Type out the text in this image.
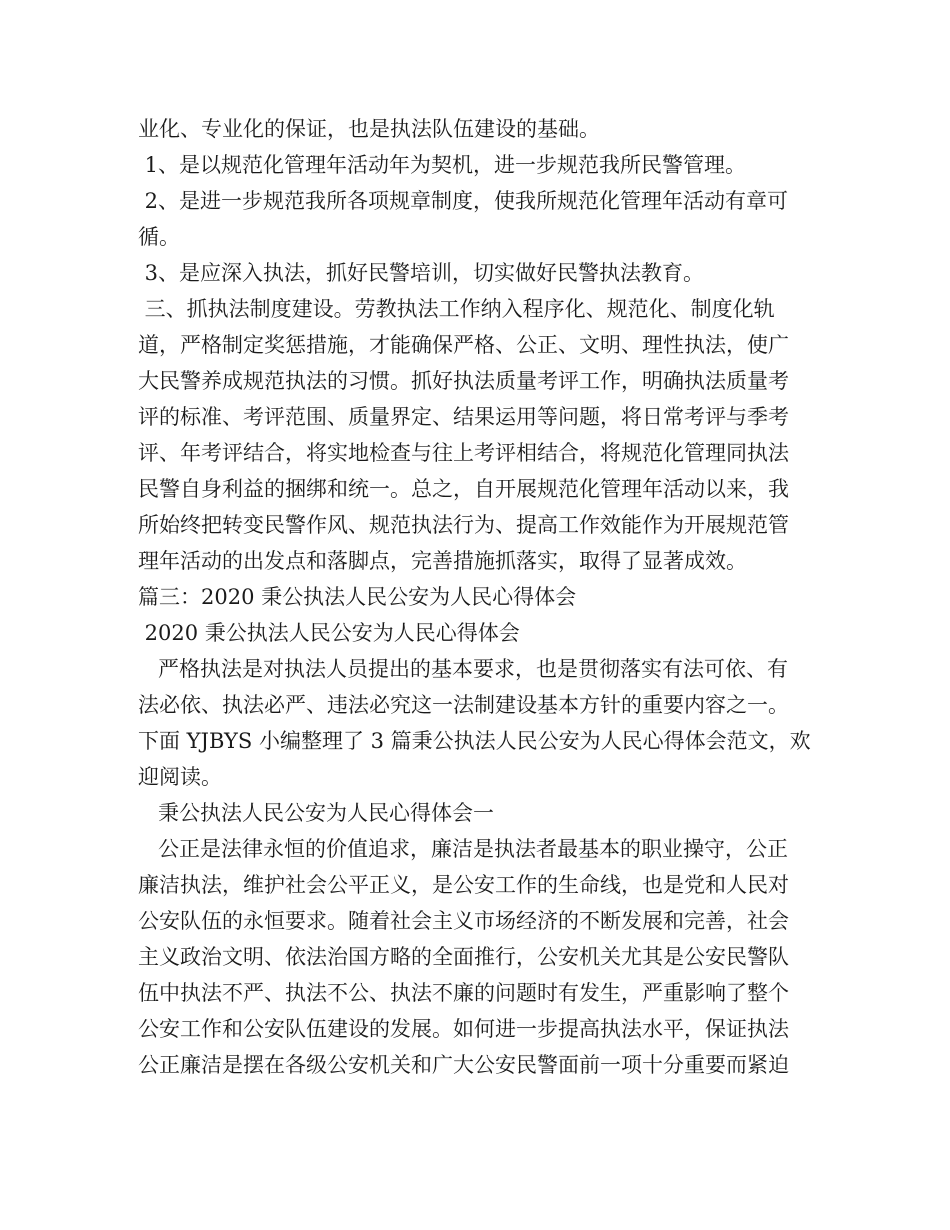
业化、专业化的保证，也是执法队伍建设的基础。
1、是以规范化管理年活动年为契机，进一步规范我所民警管理。
2、是进一步规范我所各项规章制度，使我所规范化管理年活动有章可
循。
3、是应深入执法，抓好民警培训，切实做好民警执法教育。
三、抓执法制度建设。劳教执法工作纳入程序化、规范化、制度化轨
道，严格制定奖惩措施，才能确保严格、公正、文明、理性执法，使广
大民警养成规范执法的习惯。抓好执法质量考评工作，明确执法质量考
评的标准、考评范围、质量界定、结果运用等问题，将日常考评与季考
评、年考评结合，将实地检查与往上考评相结合，将规范化管理同执法
民警自身利益的捆绑和统一。总之，自开展规范化管理年活动以来，我
所始终把转变民警作风、规范执法行为、提高工作效能作为开展规范管
理年活动的出发点和落脚点，完善措施抓落实，取得了显著成效。
篇三：2020 秉公执法人民公安为人民心得体会
2020 秉公执法人民公安为人民心得体会
严格执法是对执法人员提出的基本要求，也是贯彻落实有法可依、有
法必依、执法必严、违法必究这一法制建设基本方针的重要内容之一。
下面 YJBYS 小编整理了 3 篇秉公执法人民公安为人民心得体会范文，欢
迎阅读。
秉公执法人民公安为人民心得体会一
公正是法律永恒的价值追求，廉洁是执法者最基本的职业操守，公正
廉洁执法，维护社会公平正义，是公安工作的生命线，也是党和人民对
公安队伍的永恒要求。随着社会主义市场经济的不断发展和完善，社会
主义政治文明、依法治国方略的全面推行，公安机关尤其是公安民警队
伍中执法不严、执法不公、执法不廉的问题时有发生，严重影响了整个
公安工作和公安队伍建设的发展。如何进一步提高执法水平，保证执法
公正廉洁是摆在各级公安机关和广大公安民警面前一项十分重要而紧迫
